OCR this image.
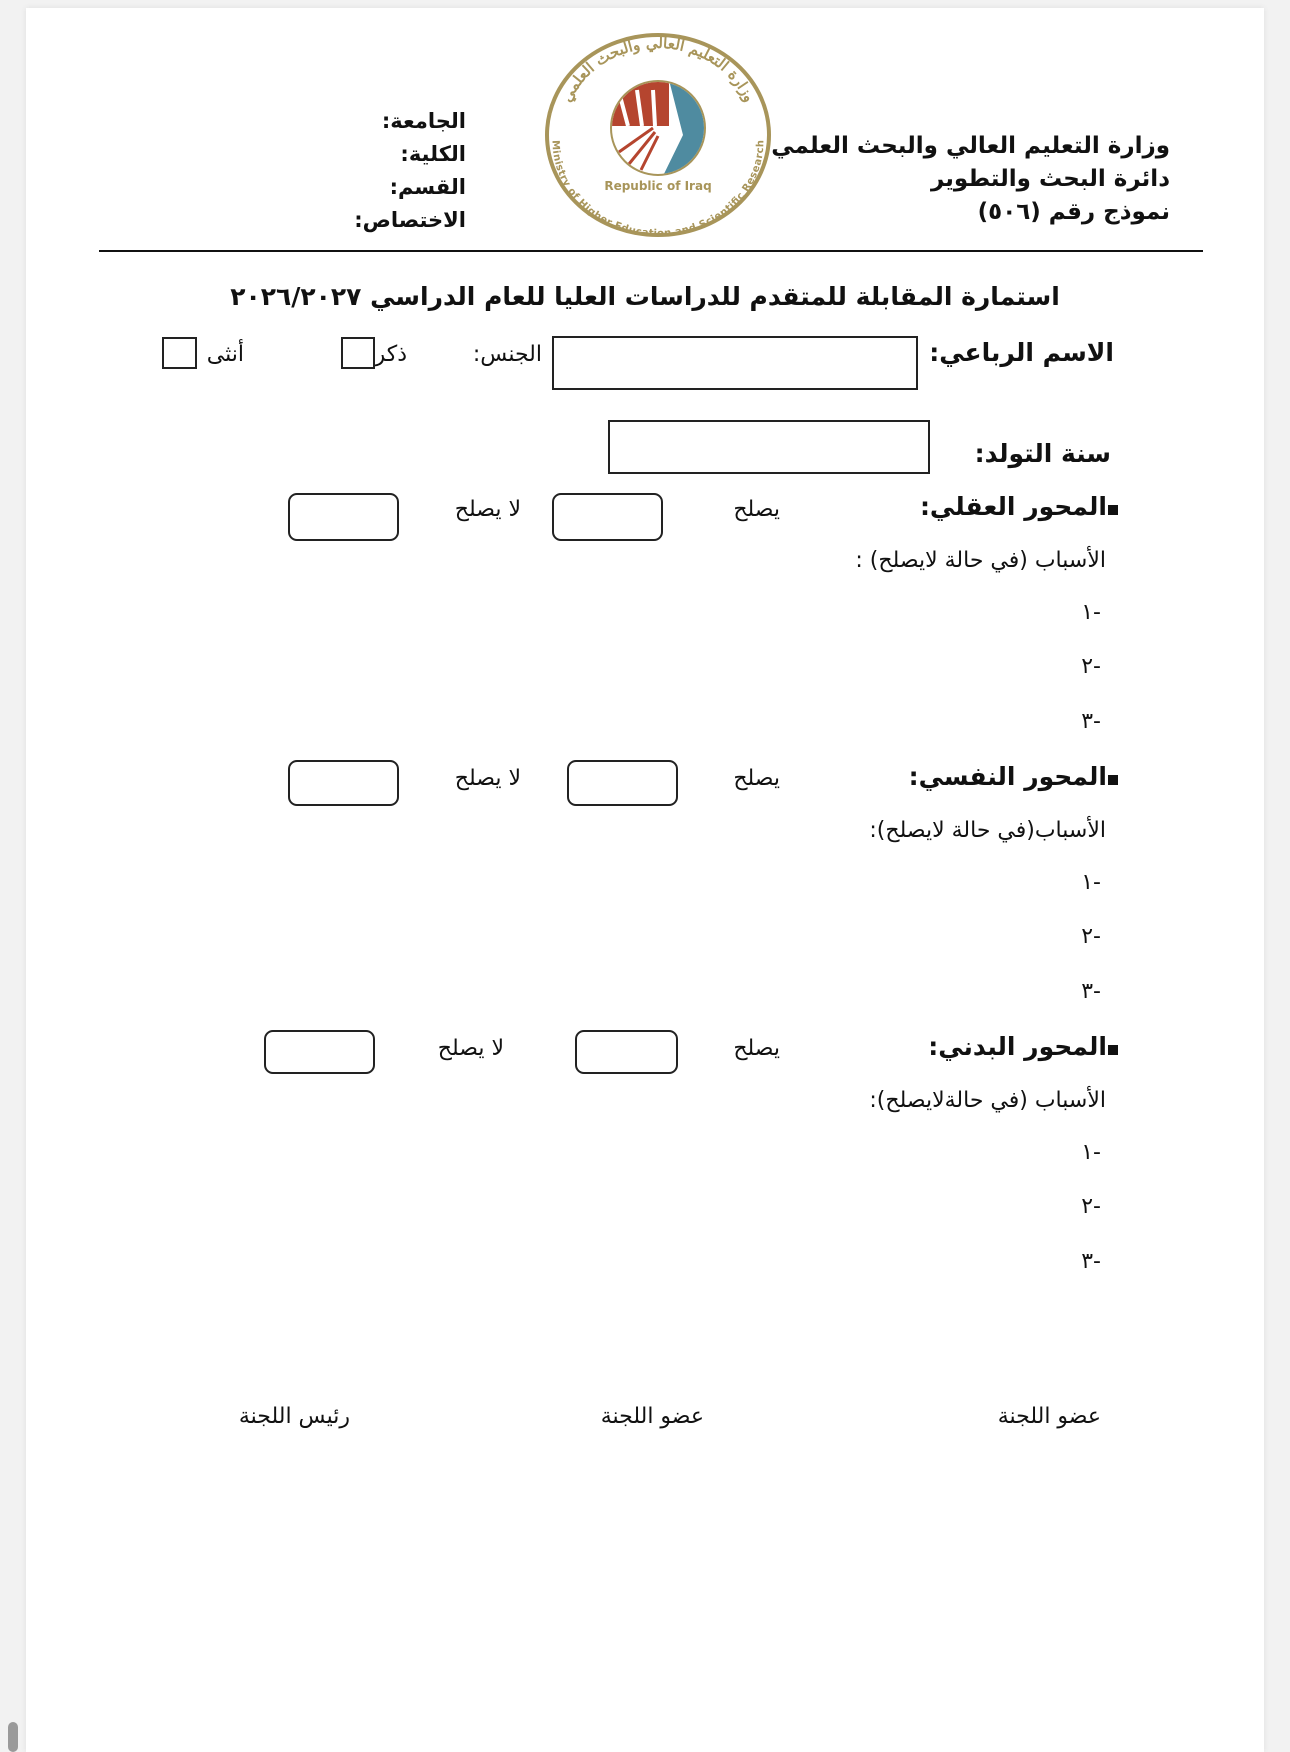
وزارة التعليم العالي والبحث العلمي
دائرة البحث والتطوير
نموذج رقم (٥٠٦)
الجامعة:
الكلية:
القسم:
الاختصاص:
وزارة التعليم العالي والبحث العلمي
Republic of Iraq
Ministry of Higher Education and Scientific Research
استمارة المقابلة للمتقدم للدراسات العليا للعام الدراسي ٢٠٢٦/٢٠٢٧
الاسم الرباعي:
الجنس:
ذكر
أنثى
سنة التولد:
المحور العقلي:
يصلح
لا يصلح
الأسباب (في حالة لايصلح) :
-١
-٢
-٣
المحور النفسي:
يصلح
لا يصلح
الأسباب(في حالة لايصلح):
-١
-٢
-٣
المحور البدني:
يصلح
لا يصلح
الأسباب (في حالةلايصلح):
-١
-٢
-٣
عضو اللجنة
عضو اللجنة
رئيس اللجنة
